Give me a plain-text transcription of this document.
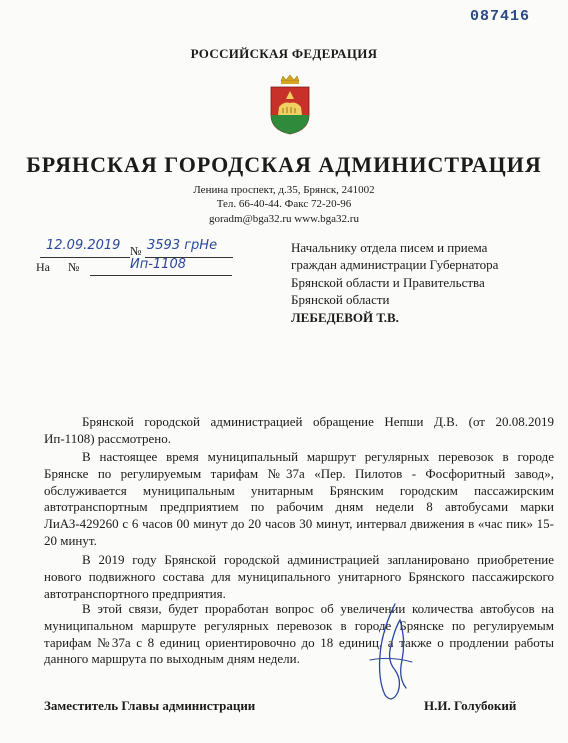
087416
РОССИЙСКАЯ ФЕДЕРАЦИЯ
БРЯНСКАЯ ГОРОДСКАЯ АДМИНИСТРАЦИЯ
Ленина проспект, д.35, Брянск, 241002
Тел. 66-40-44. Факс 72-20-96
goradm@bga32.ru www.bga32.ru
12.09.2019 № 3593 грНе
На №	Ип-1108
Начальнику отдела писем и приема
граждан администрации Губернатора
Брянской области и Правительства
Брянской области
ЛЕБЕДЕВОЙ Т.В.

Брянской городской администрацией обращение Непши Д.В. (от 20.08.2019 Ип-1108) рассмотрено.

В настоящее время муниципальный маршрут регулярных перевозок в городе Брянске по регулируемым тарифам №37а «Пер. Пилотов - Фосфоритный завод», обслуживается муниципальным унитарным Брянским городским пассажирским автотранспортным предприятием по рабочим дням недели 8 автобусами марки ЛиАЗ-429260 с 6 часов 00 минут до 20 часов 30 минут, интервал движения в «час пик» 15-20 минут.

В 2019 году Брянской городской администрацией запланировано приобретение нового подвижного состава для муниципального унитарного Брянского пассажирского автотранспортного предприятия.

В этой связи, будет проработан вопрос об увеличении количества автобусов на муниципальном маршруте регулярных перевозок в городе Брянске по регулируемым тарифам №37а с 8 единиц ориентировочно до 18 единиц, а также о продлении работы данного маршрута по выходным дням недели.

Заместитель Главы администрации	Н.И. Голубокий
